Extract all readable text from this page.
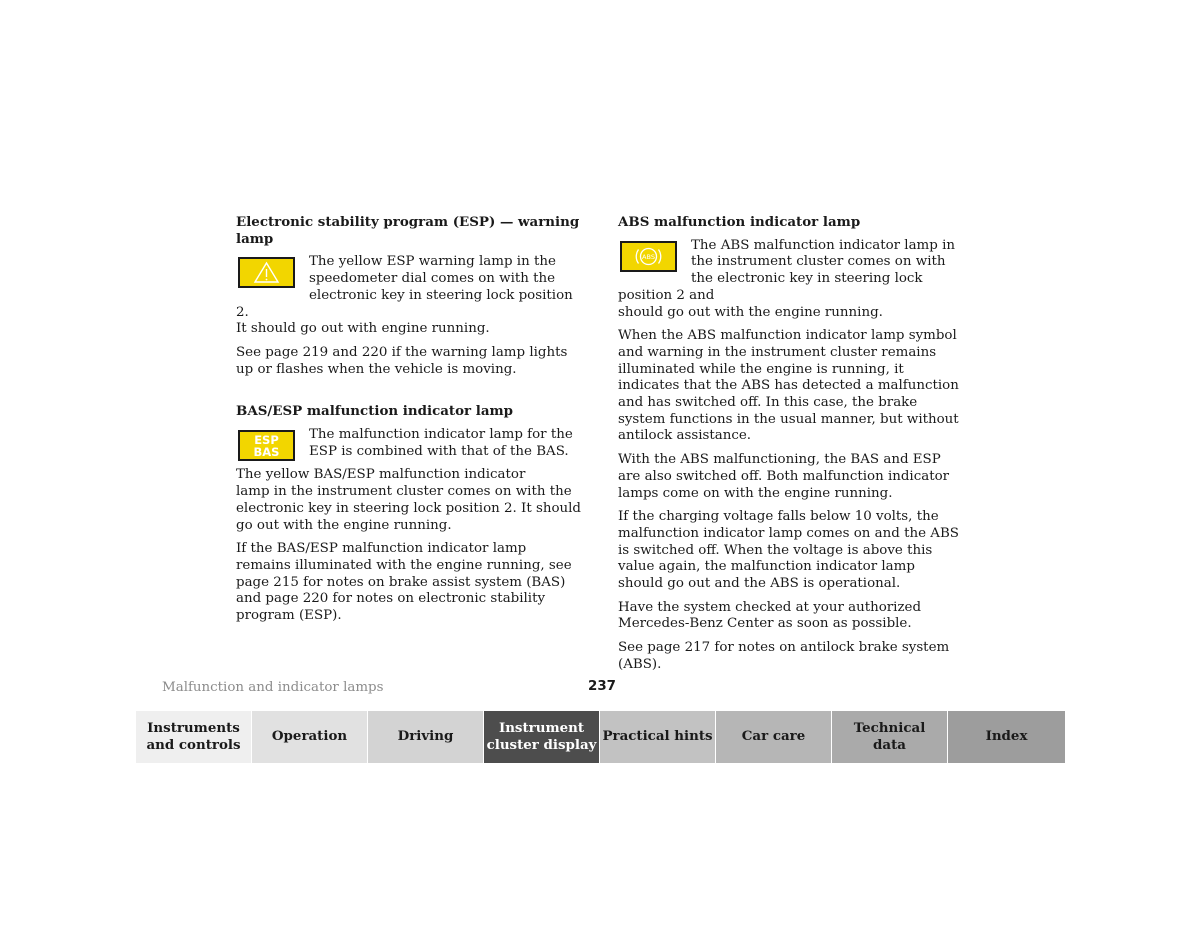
Electronic stability program (ESP) — warning lamp
The yellow ESP warning lamp in the speedometer dial comes on with the electronic key in steering lock position 2.
It should go out with engine running.
See page 219 and 220 if the warning lamp lights up or flashes when the vehicle is moving.
BAS/ESP malfunction indicator lamp
ESP
BAS
The malfunction indicator lamp for the ESP is combined with that of the BAS.
The yellow BAS/ESP malfunction indicator
lamp in the instrument cluster comes on with the electronic key in steering lock position 2. It should go out with the engine running.
If the BAS/ESP malfunction indicator lamp remains illuminated with the engine running, see page 215 for notes on brake assist system (BAS) and page 220 for notes on electronic stability program (ESP).
ABS malfunction indicator lamp
ABS
The ABS malfunction indicator lamp in the instrument cluster comes on with the electronic key in steering lock position 2 and
should go out with the engine running.
When the ABS malfunction indicator lamp symbol and warning in the instrument cluster remains illuminated while the engine is running, it indicates that the ABS has detected a malfunction and has switched off. In this case, the brake system functions in the usual manner, but without antilock assistance.
With the ABS malfunctioning, the BAS and ESP are also switched off. Both malfunction indicator lamps come on with the engine running.
If the charging voltage falls below 10 volts, the malfunction indicator lamp comes on and the ABS is switched off. When the voltage is above this value again, the malfunction indicator lamp should go out and the ABS is operational.
Have the system checked at your authorized Mercedes-Benz Center as soon as possible.
See page 217 for notes on antilock brake system (ABS).
Malfunction and indicator lamps	237
Instruments
and controls
Operation	Driving
Instrument
cluster display
Practical hints Car care
Technical
data
Index
